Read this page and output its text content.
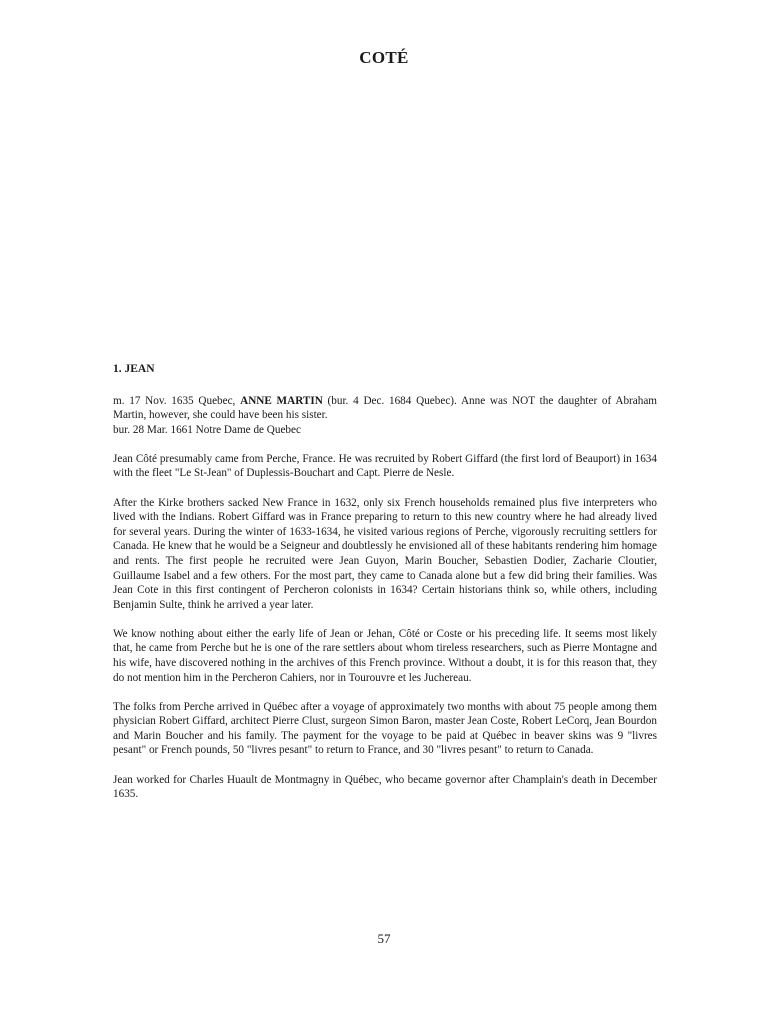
COTÉ
1. JEAN

m. 17 Nov. 1635 Quebec, ANNE MARTIN (bur. 4 Dec. 1684 Quebec). Anne was NOT the daughter of Abraham Martin, however, she could have been his sister.

bur. 28 Mar. 1661 Notre Dame de Quebec

Jean Côté presumably came from Perche, France. He was recruited by Robert Giffard (the first lord of Beauport) in 1634 with the fleet "Le St-Jean" of Duplessis-Bouchart and Capt. Pierre de Nesle.

After the Kirke brothers sacked New France in 1632, only six French households remained plus five interpreters who lived with the Indians. Robert Giffard was in France preparing to return to this new country where he had already lived for several years. During the winter of 1633-1634, he visited various regions of Perche, vigorously recruiting settlers for Canada. He knew that he would be a Seigneur and doubtlessly he envisioned all of these habitants rendering him homage and rents. The first people he recruited were Jean Guyon, Marin Boucher, Sebastien Dodier, Zacharie Cloutier, Guillaume Isabel and a few others. For the most part, they came to Canada alone but a few did bring their families. Was Jean Cote in this first contingent of Percheron colonists in 1634? Certain historians think so, while others, including Benjamin Sulte, think he arrived a year later.

We know nothing about either the early life of Jean or Jehan, Côté or Coste or his preceding life. It seems most likely that, he came from Perche but he is one of the rare settlers about whom tireless researchers, such as Pierre Montagne and his wife, have discovered nothing in the archives of this French province. Without a doubt, it is for this reason that, they do not mention him in the Percheron Cahiers, nor in Tourouvre et les Juchereau.

The folks from Perche arrived in Québec after a voyage of approximately two months with about 75 people among them physician Robert Giffard, architect Pierre Clust, surgeon Simon Baron, master Jean Coste, Robert LeCorq, Jean Bourdon and Marin Boucher and his family. The payment for the voyage to be paid at Québec in beaver skins was 9 "livres pesant" or French pounds, 50 "livres pesant" to return to France, and 30 "livres pesant" to return to Canada.

Jean worked for Charles Huault de Montmagny in Québec, who became governor after Champlain's death in December 1635.

57
